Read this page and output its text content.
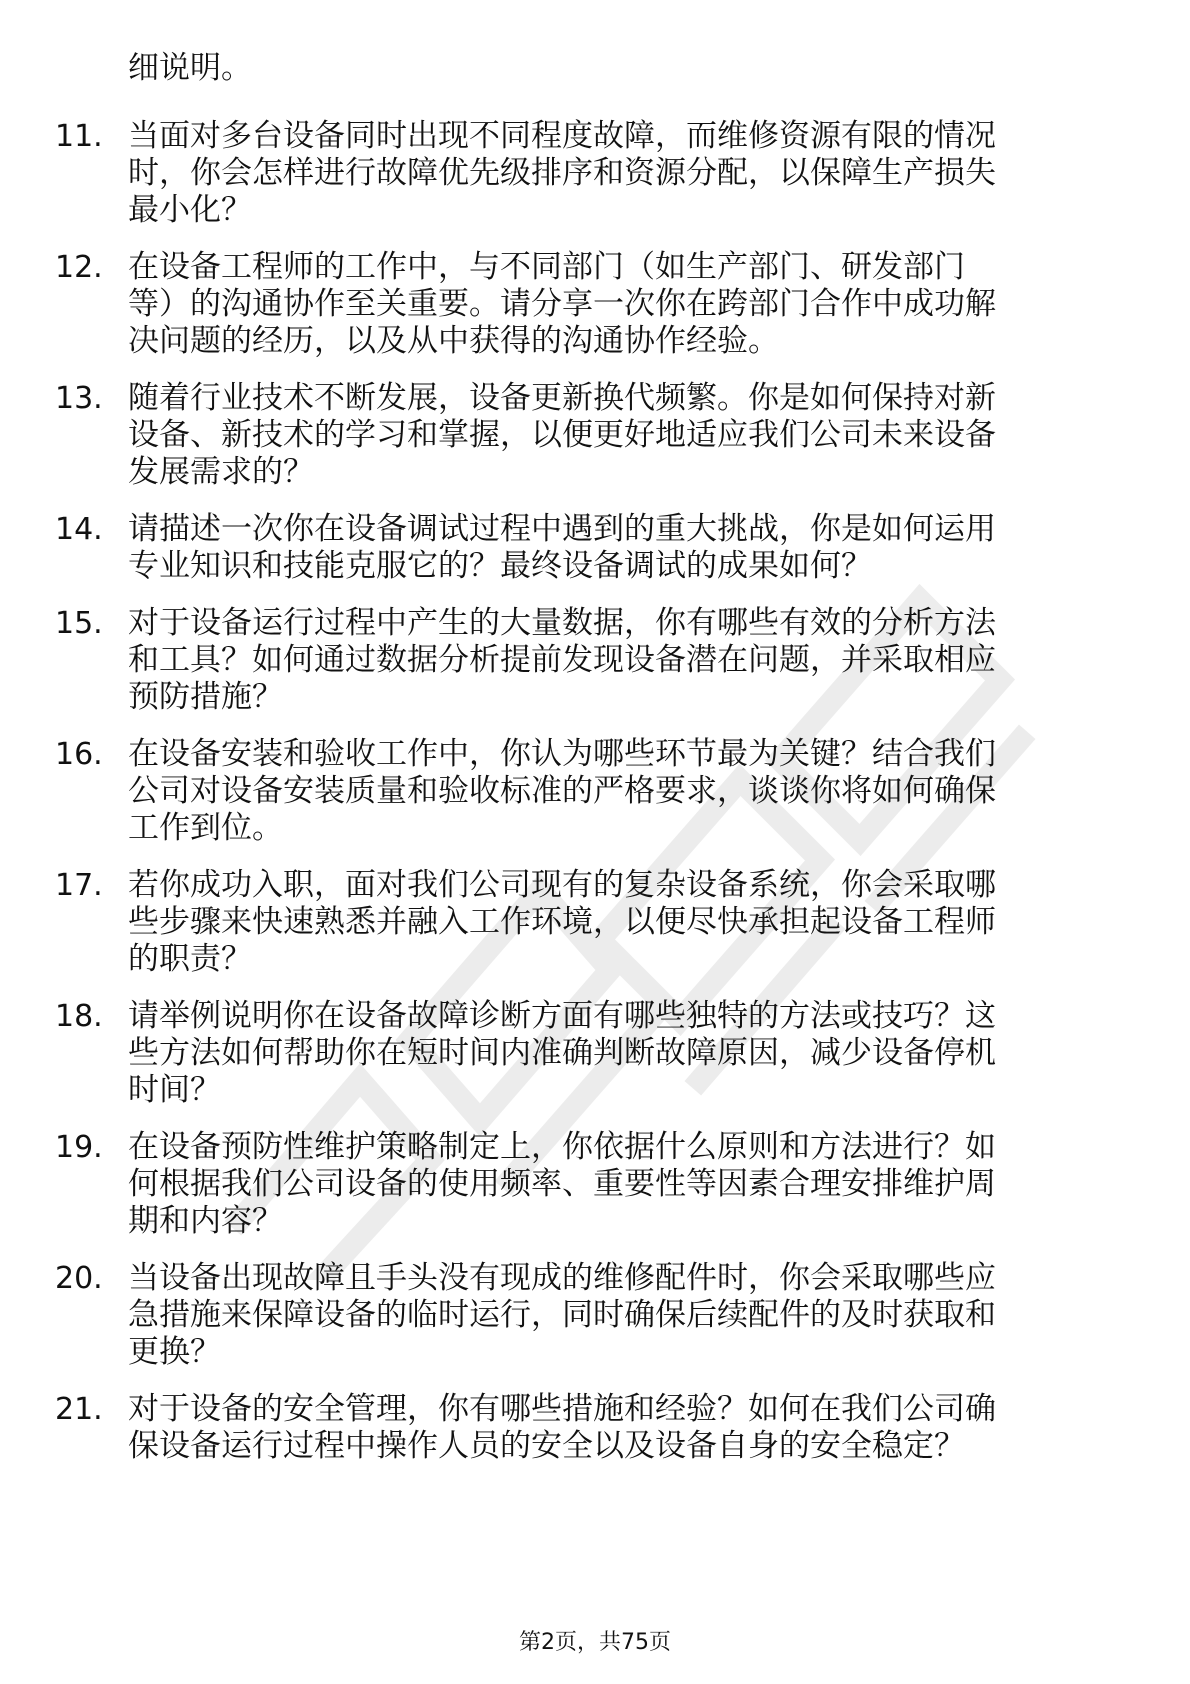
细说明。
11. 当面对多台设备同时出现不同程度故障，而维修资源有限的情况
时，你会怎样进行故障优先级排序和资源分配，以保障生产损失
最小化？
12. 在设备工程师的工作中，与不同部门（如生产部门、研发部门
等）的沟通协作至关重要。请分享一次你在跨部门合作中成功解
决问题的经历，以及从中获得的沟通协作经验。
13. 随着行业技术不断发展，设备更新换代频繁。你是如何保持对新
设备、新技术的学习和掌握，以便更好地适应我们公司未来设备
发展需求的？
14. 请描述一次你在设备调试过程中遇到的重大挑战，你是如何运用
专业知识和技能克服它的？最终设备调试的成果如何？
15. 对于设备运行过程中产生的大量数据，你有哪些有效的分析方法
和工具？如何通过数据分析提前发现设备潜在问题，并采取相应
预防措施？
16. 在设备安装和验收工作中，你认为哪些环节最为关键？结合我们
公司对设备安装质量和验收标准的严格要求，谈谈你将如何确保
工作到位。
17. 若你成功入职，面对我们公司现有的复杂设备系统，你会采取哪
些步骤来快速熟悉并融入工作环境，以便尽快承担起设备工程师
的职责？
18. 请举例说明你在设备故障诊断方面有哪些独特的方法或技巧？这
些方法如何帮助你在短时间内准确判断故障原因，减少设备停机
时间？
19. 在设备预防性维护策略制定上，你依据什么原则和方法进行？如
何根据我们公司设备的使用频率、重要性等因素合理安排维护周
期和内容？
20. 当设备出现故障且手头没有现成的维修配件时，你会采取哪些应
急措施来保障设备的临时运行，同时确保后续配件的及时获取和
更换？
21. 对于设备的安全管理，你有哪些措施和经验？如何在我们公司确
保设备运行过程中操作人员的安全以及设备自身的安全稳定？
第2页，共75页
